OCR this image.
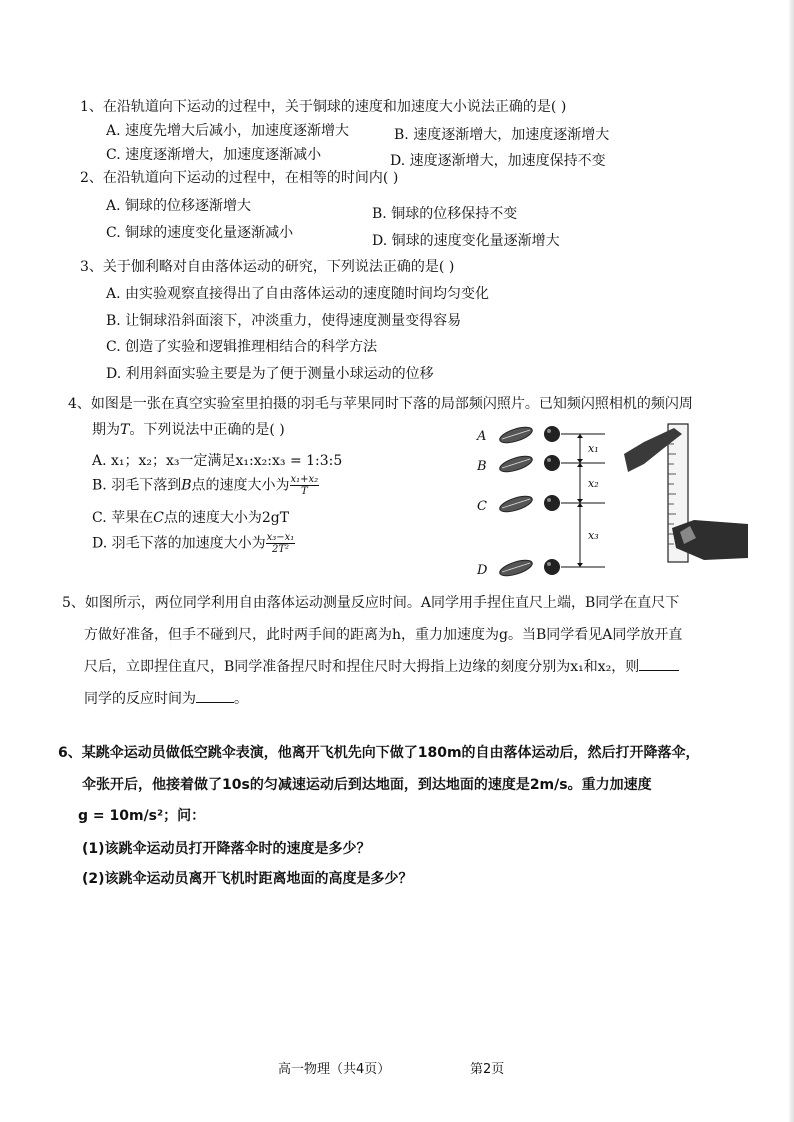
1、在沿轨道向下运动的过程中，关于铜球的速度和加速度大小说法正确的是( )
A. 速度先增大后减小，加速度逐渐增大	B. 速度逐渐增大，加速度逐渐增大
C. 速度逐渐增大，加速度逐渐减小	D. 速度逐渐增大，加速度保持不变
2、在沿轨道向下运动的过程中，在相等的时间内( )
A. 铜球的位移逐渐增大	B. 铜球的位移保持不变
C. 铜球的速度变化量逐渐减小	D. 铜球的速度变化量逐渐增大
3、关于伽利略对自由落体运动的研究，下列说法正确的是( )
A. 由实验观察直接得出了自由落体运动的速度随时间均匀变化
B. 让铜球沿斜面滚下，冲淡重力，使得速度测量变得容易
C. 创造了实验和逻辑推理相结合的科学方法
D. 利用斜面实验主要是为了便于测量小球运动的位移
4、如图是一张在真空实验室里拍摄的羽毛与苹果同时下落的局部频闪照片。已知频闪照相机的频闪周
期为T。下列说法中正确的是( )
A. x₁；x₂；x₃一定满足x₁:x₂:x₃ = 1:3:5
B. 羽毛下落到B点的速度大小为 $\frac{\text{x₁+x₂}}{T}$
C. 苹果在C点的速度大小为2gT
D. 羽毛下落的加速度大小为 $\frac{\text{x₃−x₁}}{\text{2T²}}$
A
B
C
D
x₁
x₂
x₃
5、如图所示，两位同学利用自由落体运动测量反应时间。A同学用手捏住直尺上端，B同学在直尺下
方做好准备，但手不碰到尺，此时两手间的距离为h，重力加速度为g。当B同学看见A同学放开直
尺后，立即捏住直尺，B同学准备捏尺时和捏住尺时大拇指上边缘的刻度分别为x₁和x₂，则
同学的反应时间为	。
6、某跳伞运动员做低空跳伞表演，他离开飞机先向下做了180m的自由落体运动后，然后打开降落伞，
伞张开后，他接着做了10s的匀减速运动后到达地面，到达地面的速度是2m/s。重力加速度
g = 10m/s²；问：
(1)该跳伞运动员打开降落伞时的速度是多少？
(2)该跳伞运动员离开飞机时距离地面的高度是多少？
高一物理（共4页）	第2页
